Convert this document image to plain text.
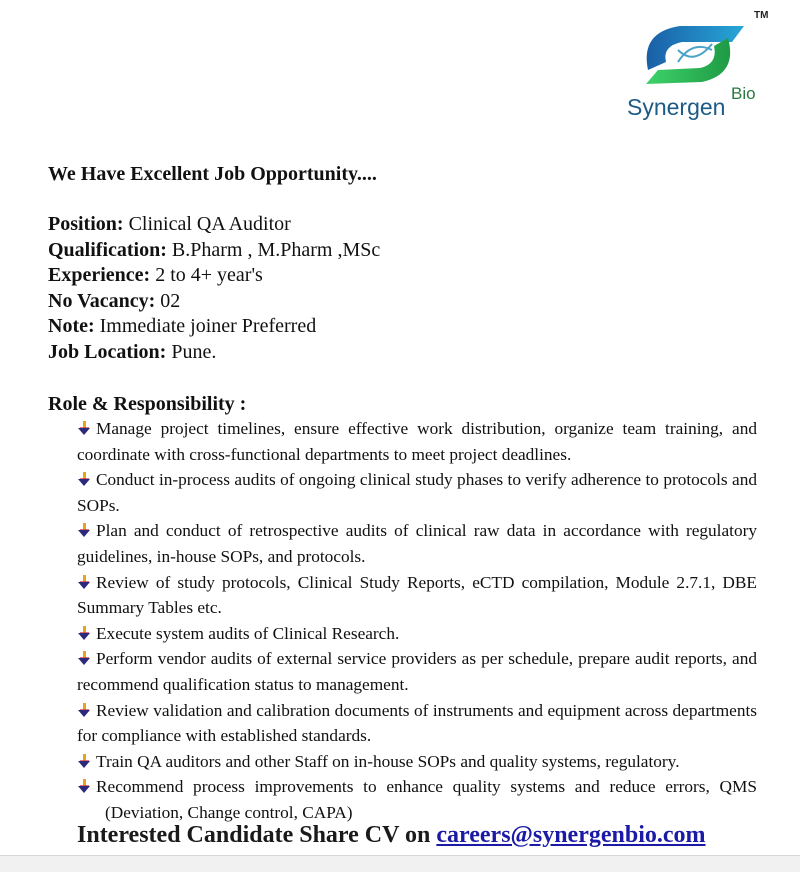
TM
Synergen
Bio
We Have Excellent Job Opportunity....
Position: Clinical QA Auditor
Qualification: B.Pharm , M.Pharm ,MSc
Experience: 2 to 4+ year's
No Vacancy: 02
Note: Immediate joiner Preferred
Job Location: Pune.
Role & Responsibility :

Manage project timelines, ensure effective work distribution, organize team training, and coordinate with cross-functional departments to meet project deadlines.

Conduct in-process audits of ongoing clinical study phases to verify adherence to protocols and SOPs.

Plan and conduct of retrospective audits of clinical raw data in accordance with regulatory guidelines, in-house SOPs, and protocols.

Review of study protocols, Clinical Study Reports, eCTD compilation, Module 2.7.1, DBE Summary Tables etc.

Execute system audits of Clinical Research.

Perform vendor audits of external service providers as per schedule, prepare audit reports, and recommend qualification status to management.

Review validation and calibration documents of instruments and equipment across departments for compliance with established standards.

Train QA auditors and other Staff on in-house SOPs and quality systems, regulatory.

Recommend process improvements to enhance quality systems and reduce errors, QMS (Deviation, Change control, CAPA)

Interested Candidate Share CV on careers@synergenbio.com
